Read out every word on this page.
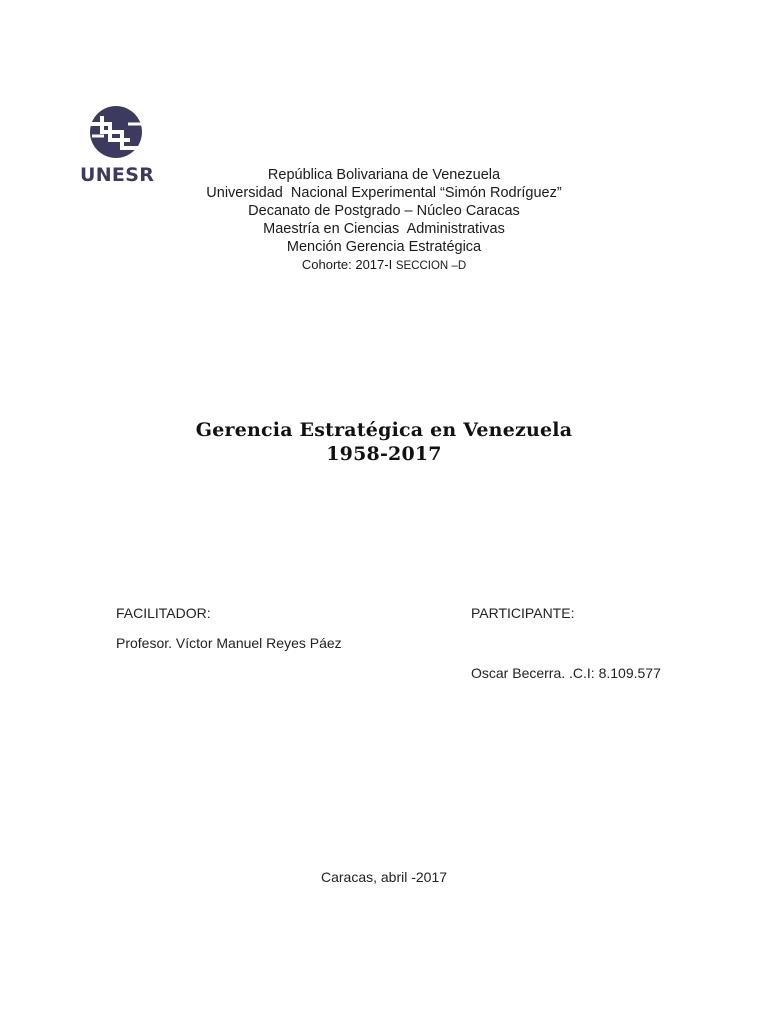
UNESR	República Bolivariana de Venezuela
Universidad  Nacional Experimental “Simón Rodríguez”
Decanato de Postgrado – Núcleo Caracas
Maestría en Ciencias  Administrativas
Mención Gerencia Estratégica
Cohorte: 2017-I SECCION –D
Gerencia Estratégica en Venezuela
1958-2017
FACILITADOR:
Profesor. Víctor Manuel Reyes Páez
PARTICIPANTE:
Oscar Becerra. .C.I: 8.109.577
Caracas, abril -2017
